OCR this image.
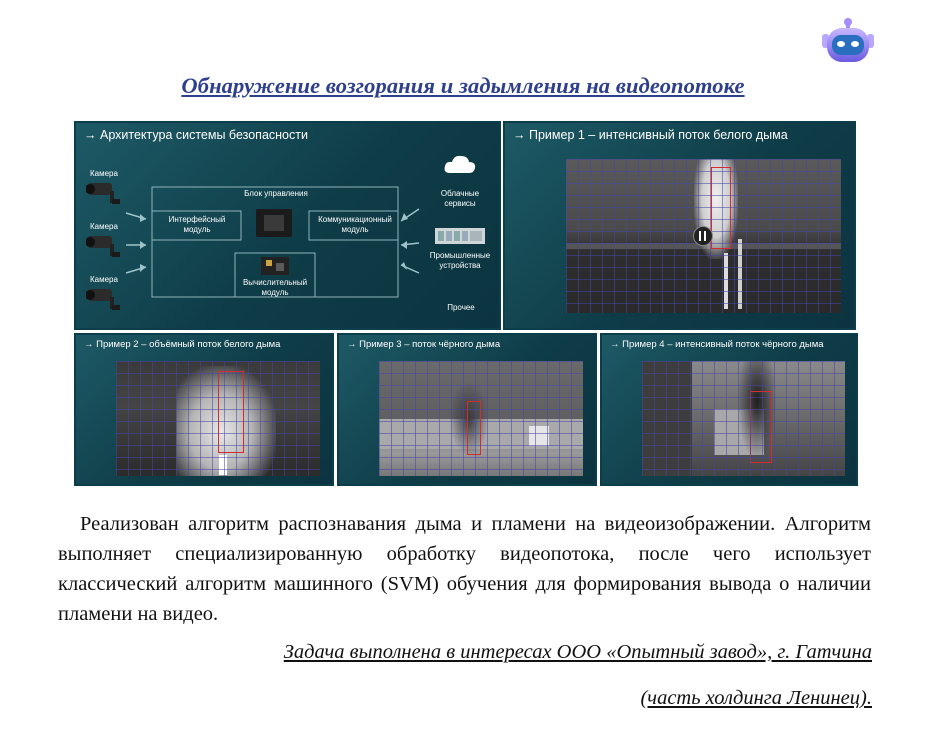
Обнаружение возгорания и задымления на видеопотоке
→ Архитектура системы безопасности
Камера
Камера
Камера
Блок управления
Интерфейсный модуль
Коммуникационный модуль
Вычислительный модуль
Облачные сервисы
Промышленные устройства
Прочее
→ Пример 1 – интенсивный поток белого дыма
→ Пример 2 – объёмный поток белого дыма	→ Пример 3 – поток чёрного дыма	→ Пример 4 – интенсивный поток чёрного дыма
Реализован алгоритм распознавания дыма и пламени на видеоизображении. Алгоритм выполняет специализированную обработку видеопотока, после чего использует классический алгоритм машинного (SVM) обучения для формирования вывода о наличии пламени на видео.
Задача выполнена в интересах ООО «Опытный завод», г. Гатчина
(часть холдинга Ленинец).
